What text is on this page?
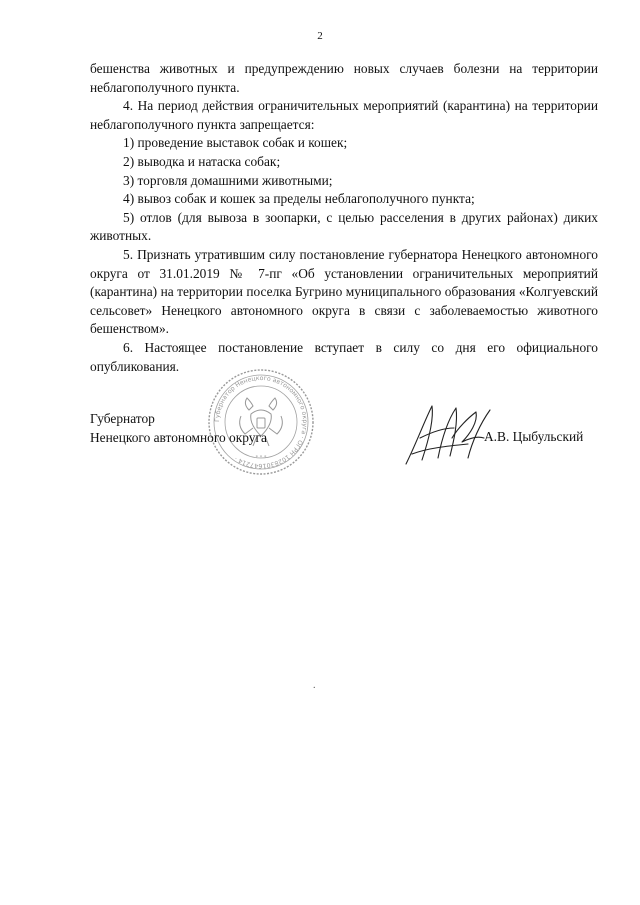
2

бешенства животных и предупреждению новых случаев болезни на территории неблагополучного пункта.

4. На период действия ограничительных мероприятий (карантина) на территории неблагополучного пункта запрещается:

1) проведение выставок собак и кошек;

2) выводка и натаска собак;

3) торговля домашними животными;

4) вывоз собак и кошек за пределы неблагополучного пункта;

5) отлов (для вывоза в зоопарки, с целью расселения в других районах) диких животных.

5. Признать утратившим силу постановление губернатора Ненецкого автономного округа от 31.01.2019 № 7-пг «Об установлении ограничительных мероприятий (карантина) на территории поселка Бугрино муниципального образования «Колгуевский сельсовет» Ненецкого автономного округа в связи с заболеваемостью животного бешенством».

6. Настоящее постановление вступает в силу со дня его официального опубликования.

Губернатор Ненецкого автономного округа · ОГРН 1028301647214 ·	* * *
Губернатор
Ненецкого автономного округа	А.В. Цыбульский
.
